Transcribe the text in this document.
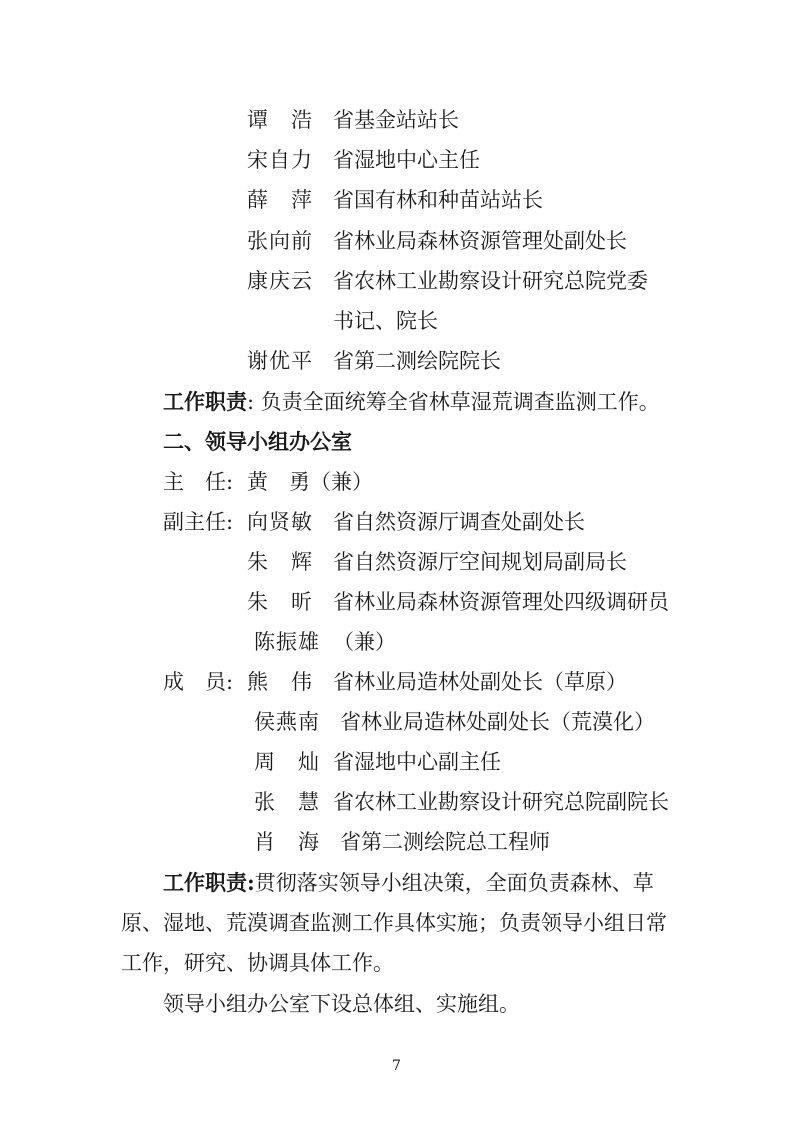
谭　浩 省基金站站长
宋自力 省湿地中心主任
薛　萍 省国有林和种苗站站长
张向前 省林业局森林资源管理处副处长
康庆云 省农林工业勘察设计研究总院党委
书记、院长
谢优平 省第二测绘院院长
工作职责: 负责全面统筹全省林草湿荒调查监测工作。
二、领导小组办公室
主　任: 黄　勇（兼）
副主任: 向贤敏 省自然资源厅调查处副处长
朱　辉 省自然资源厅空间规划局副局长
朱　昕 省林业局森林资源管理处四级调研员
陈振雄 （兼）
成　员: 熊　伟 省林业局造林处副处长（草原）
侯燕南 省林业局造林处副处长（荒漠化）
周　灿 省湿地中心副主任
张　慧 省农林工业勘察设计研究总院副院长
肖　海 省第二测绘院总工程师
工作职责:贯彻落实领导小组决策，全面负责森林、草
原、湿地、荒漠调查监测工作具体实施；负责领导小组日常
工作，研究、协调具体工作。
领导小组办公室下设总体组、实施组。
7
